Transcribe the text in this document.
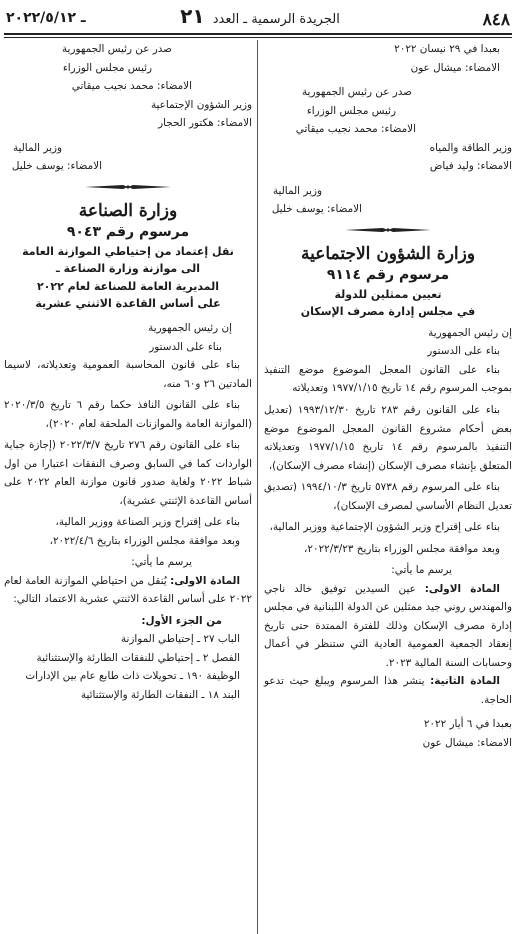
٨٤٨
الجريدة الرسمية ـ العدد ٢١
ـ ٢٠٢٢/٥/١٢
بعبدا في ٢٩ نيسان ٢٠٢٢
الامضاء: ميشال عون
صدر عن رئيس الجمهورية
رئيس مجلس الوزراء
الامضاء: محمد نجيب ميقاتي
وزير الطاقة والمياه
الامضاء: وليد فياض
وزير المالية
الامضاء: يوسف خليل
وزارة الشؤون الاجتماعية
مرسوم رقم ٩١١٤
تعيين ممثلين للدولة
في مجلس إدارة مصرف الإسكان
إن رئيس الجمهورية
بناء على الدستور
بناء على القانون المعجل الموضوع موضع التنفيذ بموجب المرسوم رقم ١٤ تاريخ ١٩٧٧/١/١٥ وتعديلاته
بناء على القانون رقم ٢٨٣ تاريخ ١٩٩٣/١٢/٣٠ (تعديل بعض أحكام مشروع القانون المعجل الموضوع موضع التنفيذ بالمرسوم رقم ١٤ تاريخ ١٩٧٧/١/١٥ وتعديلاته المتعلق بإنشاء مصرف الإسكان (إنشاء مصرف الإسكان)،
بناء على المرسوم رقم ٥٧٣٨ تاريخ ١٩٩٤/١٠/٣ (تصديق تعديل النظام الأساسي لمصرف الإسكان)،
بناء على إقتراح وزير الشؤون الإجتماعية ووزير المالية،
وبعد موافقة مجلس الوزراء بتاريخ ٢٠٢٢/٣/٢٣،
يرسم ما يأتي:
المادة الاولى: عين السيدين توفيق خالد ناجي والمهندس روني جيد ممثلين عن الدولة اللبنانية في مجلس إدارة مصرف الإسكان وذلك للفترة الممتدة حتى تاريخ إنعقاد الجمعية العمومية العادية التي ستنظر في أعمال وحسابات السنة المالية ٢٠٢٣.
المادة الثانية: ينشر هذا المرسوم ويبلغ حيث تدعو الحاجة.
بعبدا في ٦ أيار ٢٠٢٢
الامضاء: ميشال عون
صدر عن رئيس الجمهورية
رئيس مجلس الوزراء
الامضاء: محمد نجيب ميقاتي
وزير الشؤون الإجتماعية
الامضاء: هكتور الحجار
وزير المالية
الامضاء: يوسف خليل
وزارة الصناعة
مرسوم رقم ٩٠٤٣
نقل إعتماد من إحتياطي الموازنة العامة
الى موازنة وزارة الصناعة ـ
المديرية العامة للصناعة لعام ٢٠٢٢
على أساس القاعدة الاثنتي عشرية
إن رئيس الجمهورية
بناء على الدستور
بناء على قانون المحاسبة العمومية وتعديلاته، لاسيما المادتين ٢٦ و٦٠ منه،
بناء على القانون النافذ حكما رقم ٦ تاريخ ٢٠٢٠/٣/٥ (الموازنة العامة والموازنات الملحقة لعام ٢٠٢٠)،
بناء على القانون رقم ٢٧٦ تاريخ ٢٠٢٢/٣/٧ (إجازة جباية الواردات كما في السابق وصرف النفقات اعتبارا من اول شباط ٢٠٢٢ ولغاية صدور قانون موازنة العام ٢٠٢٢ على أساس القاعدة الإثنتي عشرية)،
بناء على إقتراح وزير الصناعة ووزير المالية،
وبعد موافقة مجلس الوزراء بتاريخ ٢٠٢٢/٤/٦،
يرسم ما يأتي:
المادة الاولى: يُنقل من احتياطي الموازنة العامة لعام ٢٠٢٢ على أساس القاعدة الاثنتي عشرية الاعتماد التالي:
من الجزء الأول:
الباب ٢٧ ـ إحتياطي الموازنة
الفصل ٢ ـ إحتياطي للنفقات الطارئة والإستثنائية
الوظيفة ١٩٠ ـ تحويلات ذات طابع عام بين الإدارات
البند ١٨ ـ النفقات الطارئة والإستثنائية
